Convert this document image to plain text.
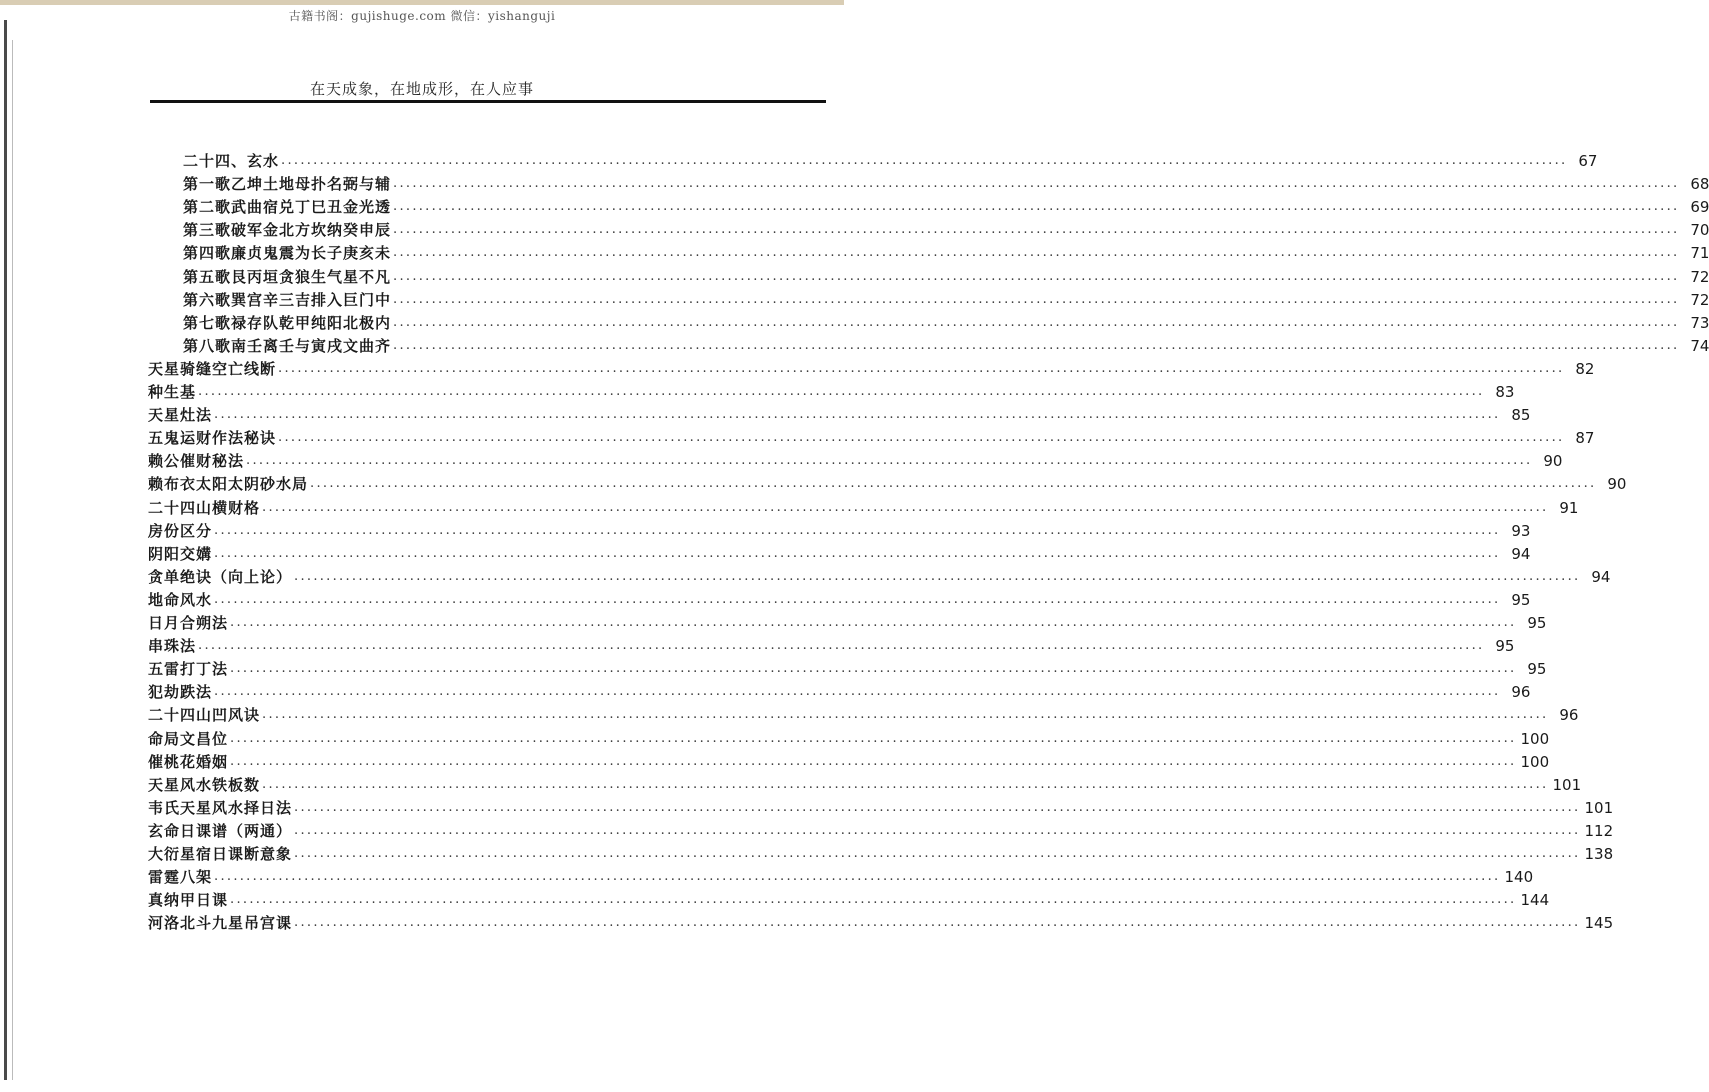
古籍书阁：gujishuge.com 微信：yishanguji
在天成象，在地成形，在人应事
二十四、玄水 ........................................................................................................................................................................................................ 67
第一歌乙坤土地母扑名弼与辅 ........................................................................................................................................................................................................ 68
第二歌武曲宿兑丁巳丑金光透 ........................................................................................................................................................................................................ 69
第三歌破军金北方坎纳癸申辰 ........................................................................................................................................................................................................ 70
第四歌廉贞鬼震为长子庚亥未 ........................................................................................................................................................................................................ 71
第五歌艮丙垣贪狼生气星不凡 ........................................................................................................................................................................................................ 72
第六歌巽宫辛三吉排入巨门中 ........................................................................................................................................................................................................ 72
第七歌禄存队乾甲纯阳北极内 ........................................................................................................................................................................................................ 73
第八歌南壬离壬与寅戌文曲齐 ........................................................................................................................................................................................................ 74
天星骑缝空亡线断 ........................................................................................................................................................................................................ 82
种生基 ........................................................................................................................................................................................................ 83
天星灶法 ........................................................................................................................................................................................................ 85
五鬼运财作法秘诀 ........................................................................................................................................................................................................ 87
赖公催财秘法 ........................................................................................................................................................................................................ 90
赖布衣太阳太阴砂水局 ........................................................................................................................................................................................................ 90
二十四山横财格 ........................................................................................................................................................................................................ 91
房份区分 ........................................................................................................................................................................................................ 93
阴阳交媾 ........................................................................................................................................................................................................ 94
贪单绝诀（向上论） ........................................................................................................................................................................................................ 94
地命风水 ........................................................................................................................................................................................................ 95
日月合朔法 ........................................................................................................................................................................................................ 95
串珠法 ........................................................................................................................................................................................................ 95
五雷打丁法 ........................................................................................................................................................................................................ 95
犯劫跌法 ........................................................................................................................................................................................................ 96
二十四山凹风诀 ........................................................................................................................................................................................................ 96
命局文昌位 ........................................................................................................................................................................................................ 100
催桃花婚姻 ........................................................................................................................................................................................................ 100
天星风水铁板数 ........................................................................................................................................................................................................ 101
韦氏天星风水择日法 ........................................................................................................................................................................................................ 101
玄命日课谱（两通） ........................................................................................................................................................................................................ 112
大衍星宿日课断意象 ........................................................................................................................................................................................................ 138
雷霆八架 ........................................................................................................................................................................................................ 140
真纳甲日课 ........................................................................................................................................................................................................ 144
河洛北斗九星吊宫课 ........................................................................................................................................................................................................ 145
